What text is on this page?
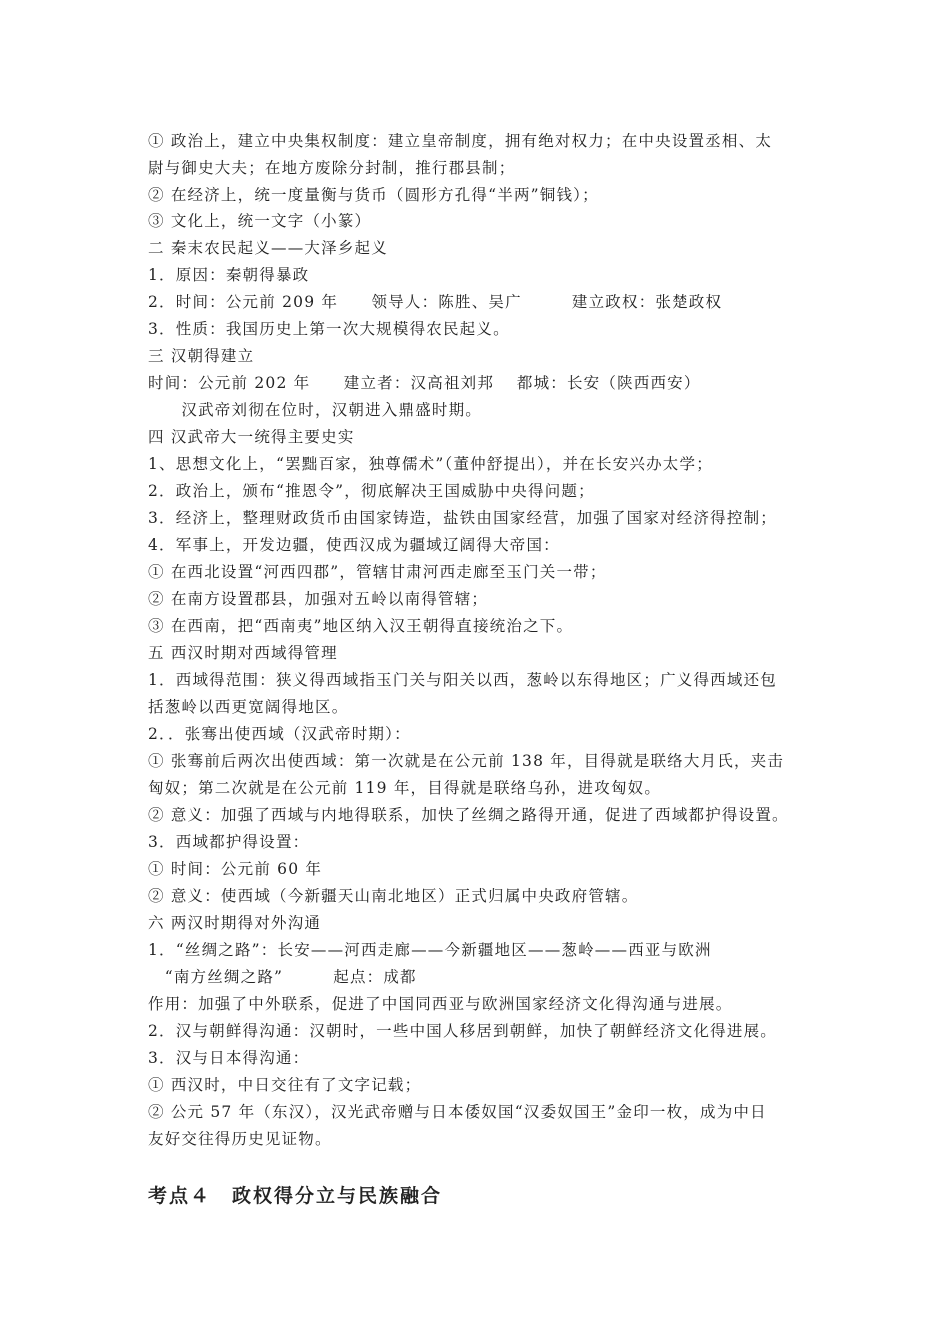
① 政治上，建立中央集权制度：建立皇帝制度，拥有绝对权力；在中央设置丞相、太
尉与御史大夫；在地方废除分封制，推行郡县制；
② 在经济上，统一度量衡与货币（圆形方孔得“半两”铜钱）；
③ 文化上，统一文字（小篆）
二 秦末农民起义——大泽乡起义
1．原因：秦朝得暴政
2．时间：公元前 209 年　　领导人：陈胜、吴广　　　建立政权：张楚政权
3．性质：我国历史上第一次大规模得农民起义。
三 汉朝得建立
时间：公元前 202 年　　建立者：汉高祖刘邦　 都城：长安（陕西西安）
　　汉武帝刘彻在位时，汉朝进入鼎盛时期。
四 汉武帝大一统得主要史实
1、思想文化上，“罢黜百家，独尊儒术”（董仲舒提出），并在长安兴办太学；
2．政治上，颁布“推恩令”，彻底解决王国威胁中央得问题；
3．经济上，整理财政货币由国家铸造，盐铁由国家经营，加强了国家对经济得控制；
4．军事上，开发边疆，使西汉成为疆域辽阔得大帝国：
① 在西北设置“河西四郡”，管辖甘肃河西走廊至玉门关一带；
② 在南方设置郡县，加强对五岭以南得管辖；
③ 在西南，把“西南夷”地区纳入汉王朝得直接统治之下。
五 西汉时期对西域得管理
1．西域得范围：狭义得西域指玉门关与阳关以西，葱岭以东得地区；广义得西域还包
括葱岭以西更宽阔得地区。
2．．张骞出使西域（汉武帝时期）：
① 张骞前后两次出使西域：第一次就是在公元前 138 年，目得就是联络大月氏，夹击
匈奴；第二次就是在公元前 119 年，目得就是联络乌孙，进攻匈奴。
② 意义：加强了西域与内地得联系，加快了丝绸之路得开通，促进了西域都护得设置。
3．西域都护得设置：
① 时间：公元前 60 年
② 意义：使西域（今新疆天山南北地区）正式归属中央政府管辖。
六 两汉时期得对外沟通
1．“丝绸之路”：长安——河西走廊——今新疆地区——葱岭——西亚与欧洲
　“南方丝绸之路”　　　起点：成都
作用：加强了中外联系，促进了中国同西亚与欧洲国家经济文化得沟通与进展。
2．汉与朝鲜得沟通：汉朝时，一些中国人移居到朝鲜，加快了朝鲜经济文化得进展。
3．汉与日本得沟通：
① 西汉时，中日交往有了文字记载；
② 公元 57 年（东汉），汉光武帝赠与日本倭奴国“汉委奴国王”金印一枚，成为中日
友好交往得历史见证物。
考点４　政权得分立与民族融合
